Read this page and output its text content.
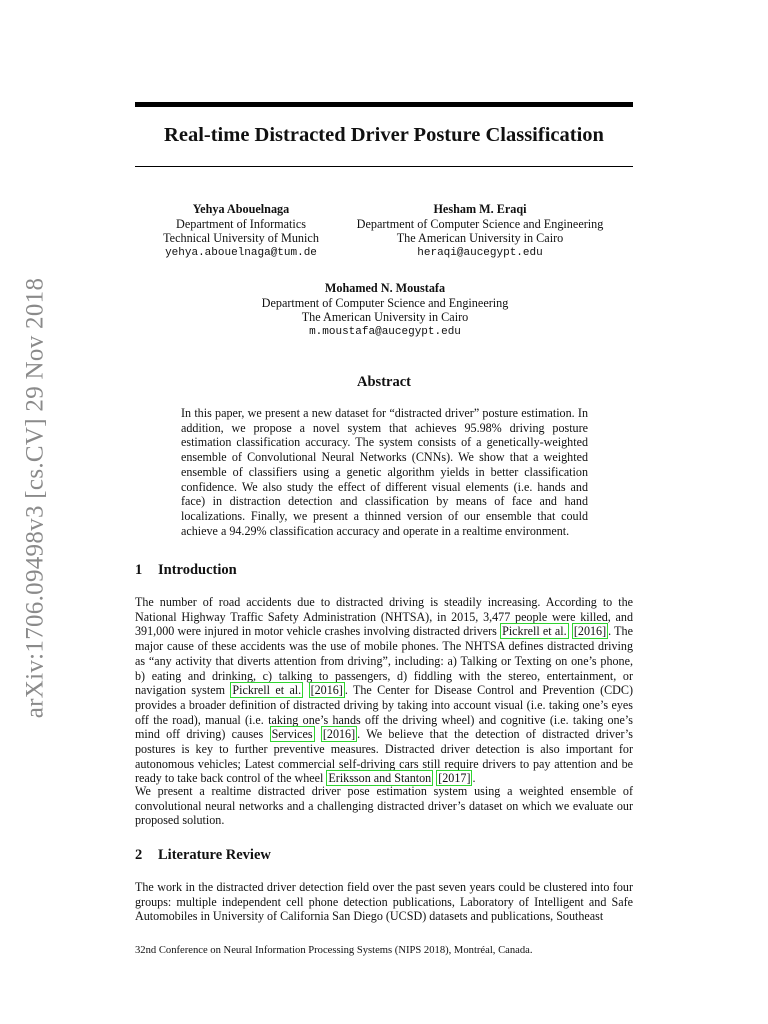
arXiv:1706.09498v3 [cs.CV] 29 Nov 2018
Real-time Distracted Driver Posture Classification
Yehya Abouelnaga
Department of Informatics
Technical University of Munich
yehya.abouelnaga@tum.de
Hesham M. Eraqi
Department of Computer Science and Engineering
The American University in Cairo
heraqi@aucegypt.edu
Mohamed N. Moustafa
Department of Computer Science and Engineering
The American University in Cairo
m.moustafa@aucegypt.edu
Abstract

In this paper, we present a new dataset for “distracted driver” posture estimation. In addition, we propose a novel system that achieves 95.98% driving posture estimation classification accuracy. The system consists of a genetically-weighted ensemble of Convolutional Neural Networks (CNNs). We show that a weighted ensemble of classifiers using a genetic algorithm yields in better classification confidence. We also study the effect of different visual elements (i.e. hands and face) in distraction detection and classification by means of face and hand localizations. Finally, we present a thinned version of our ensemble that could achieve a 94.29% classification accuracy and operate in a realtime environment.

1 Introduction

The number of road accidents due to distracted driving is steadily increasing. According to the National Highway Traffic Safety Administration (NHTSA), in 2015, 3,477 people were killed, and 391,000 were injured in motor vehicle crashes involving distracted drivers Pickrell et al. [2016] . The major cause of these accidents was the use of mobile phones. The NHTSA defines distracted driving as “any activity that diverts attention from driving”, including: a) Talking or Texting on one’s phone, b) eating and drinking, c) talking to passengers, d) fiddling with the stereo, entertainment, or navigation system Pickrell et al. [2016] . The Center for Disease Control and Prevention (CDC) provides a broader definition of distracted driving by taking into account visual (i.e. taking one’s eyes off the road), manual (i.e. taking one’s hands off the driving wheel) and cognitive (i.e. taking one’s mind off driving) causes Services [2016] . We believe that the detection of distracted driver’s postures is key to further preventive measures. Distracted driver detection is also important for autonomous vehicles; Latest commercial self-driving cars still require drivers to pay attention and be ready to take back control of the wheel Eriksson and Stanton [2017] .

We present a realtime distracted driver pose estimation system using a weighted ensemble of convolutional neural networks and a challenging distracted driver’s dataset on which we evaluate our proposed solution.

2 Literature Review

The work in the distracted driver detection field over the past seven years could be clustered into four groups: multiple independent cell phone detection publications, Laboratory of Intelligent and Safe Automobiles in University of California San Diego (UCSD) datasets and publications, Southeast

32nd Conference on Neural Information Processing Systems (NIPS 2018), Montréal, Canada.
